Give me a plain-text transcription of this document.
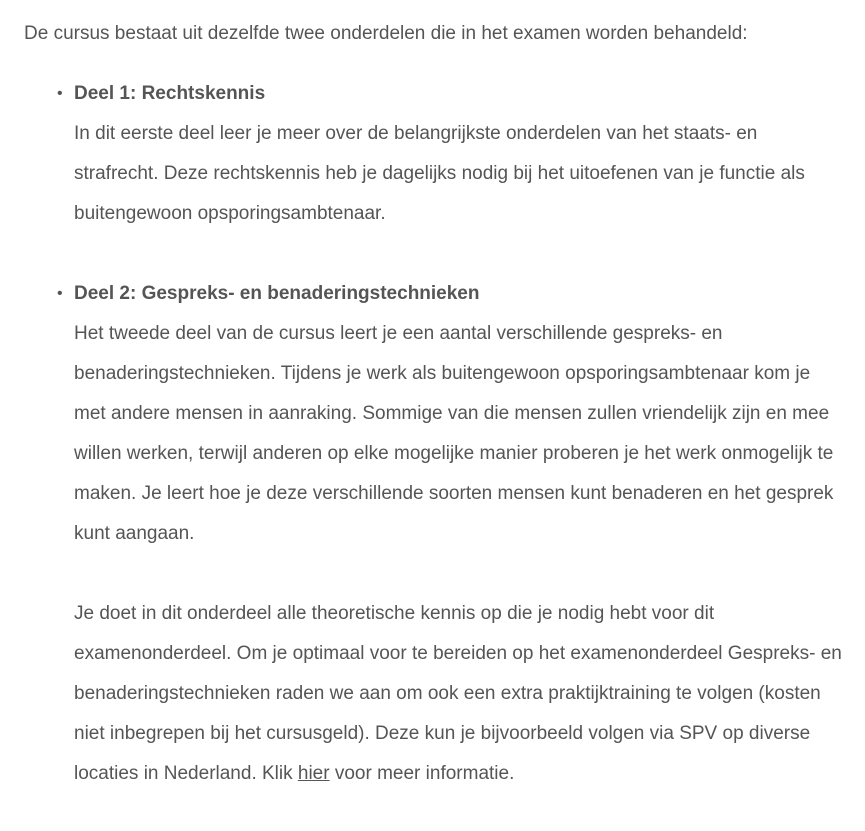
De cursus bestaat uit dezelfde twee onderdelen die in het examen worden behandeld:

• Deel 1: Rechtskennis
In dit eerste deel leer je meer over de belangrijkste onderdelen van het staats- en strafrecht. Deze rechtskennis heb je dagelijks nodig bij het uitoefenen van je functie als buitengewoon opsporingsambtenaar.
• Deel 2: Gespreks- en benaderingstechnieken
Het tweede deel van de cursus leert je een aantal verschillende gespreks- en benaderingstechnieken. Tijdens je werk als buitengewoon opsporingsambtenaar kom je met andere mensen in aanraking. Sommige van die mensen zullen vriendelijk zijn en mee willen werken, terwijl anderen op elke mogelijke manier proberen je het werk onmogelijk te maken. Je leert hoe je deze verschillende soorten mensen kunt benaderen en het gesprek kunt aangaan.
Je doet in dit onderdeel alle theoretische kennis op die je nodig hebt voor dit examenonderdeel. Om je optimaal voor te bereiden op het examenonderdeel Gespreks- en benaderingstechnieken raden we aan om ook een extra praktijktraining te volgen (kosten niet inbegrepen bij het cursusgeld). Deze kun je bijvoorbeeld volgen via SPV op diverse locaties in Nederland. Klik hier voor meer informatie.
